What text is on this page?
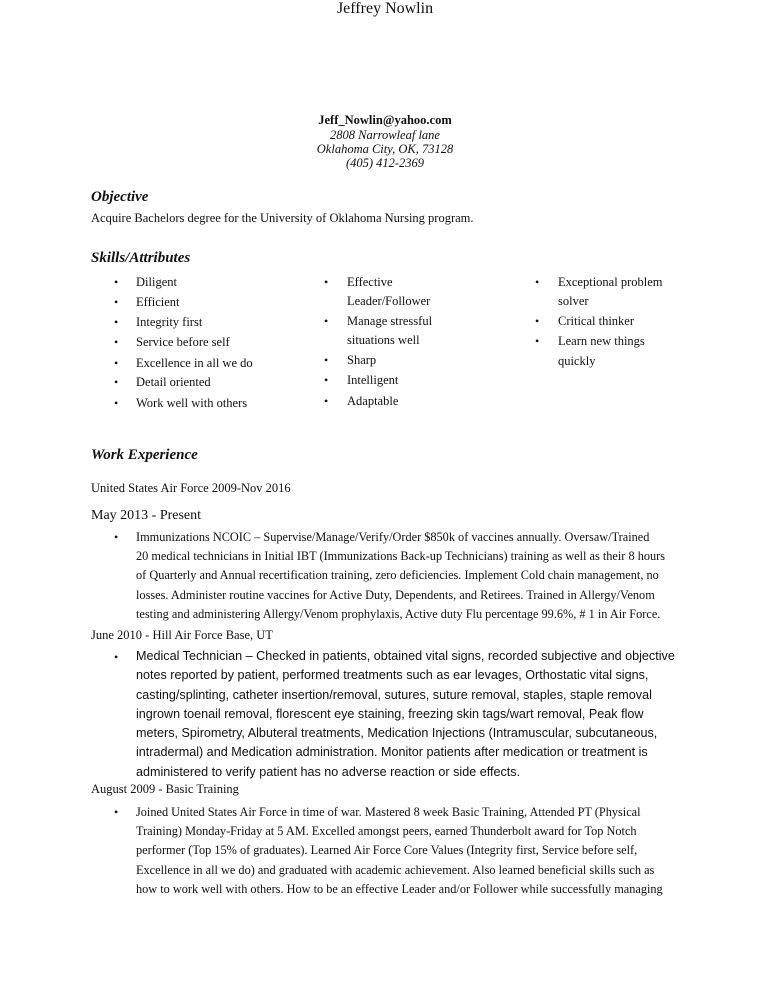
Jeffrey Nowlin
Jeff_Nowlin@yahoo.com
2808 Narrowleaf lane
Oklahoma City, OK, 73128
(405) 412-2369
Objective
Acquire Bachelors degree for the University of Oklahoma Nursing program.
Skills/Attributes
• Diligent
• Efficient
• Integrity first
• Service before self
• Excellence in all we do
• Detail oriented
• Work well with others
• Effective
Leader/Follower
• Manage stressful
situations well
• Sharp
• Intelligent
• Adaptable
• Exceptional problem
solver
• Critical thinker
• Learn new things
quickly
Work Experience
United States Air Force 2009-Nov 2016
May 2013 - Present
• Immunizations NCOIC – Supervise/Manage/Verify/Order $850k of vaccines annually. Oversaw/Trained
20 medical technicians in Initial IBT (Immunizations Back-up Technicians) training as well as their 8 hours
of Quarterly and Annual recertification training, zero deficiencies. Implement Cold chain management, no
losses. Administer routine vaccines for Active Duty, Dependents, and Retirees. Trained in Allergy/Venom
testing and administering Allergy/Venom prophylaxis, Active duty Flu percentage 99.6%, # 1 in Air Force.
June 2010 - Hill Air Force Base, UT
• Medical Technician – Checked in patients, obtained vital signs, recorded subjective and objective
notes reported by patient, performed treatments such as ear levages, Orthostatic vital signs,
casting/splinting, catheter insertion/removal, sutures, suture removal, staples, staple removal
ingrown toenail removal, florescent eye staining, freezing skin tags/wart removal, Peak flow
meters, Spirometry, Albuteral treatments, Medication Injections (Intramuscular, subcutaneous,
intradermal) and Medication administration. Monitor patients after medication or treatment is
administered to verify patient has no adverse reaction or side effects.
August 2009 - Basic Training
• Joined United States Air Force in time of war. Mastered 8 week Basic Training, Attended PT (Physical
Training) Monday-Friday at 5 AM. Excelled amongst peers, earned Thunderbolt award for Top Notch
performer (Top 15% of graduates). Learned Air Force Core Values (Integrity first, Service before self,
Excellence in all we do) and graduated with academic achievement. Also learned beneficial skills such as
how to work well with others. How to be an effective Leader and/or Follower while successfully managing
